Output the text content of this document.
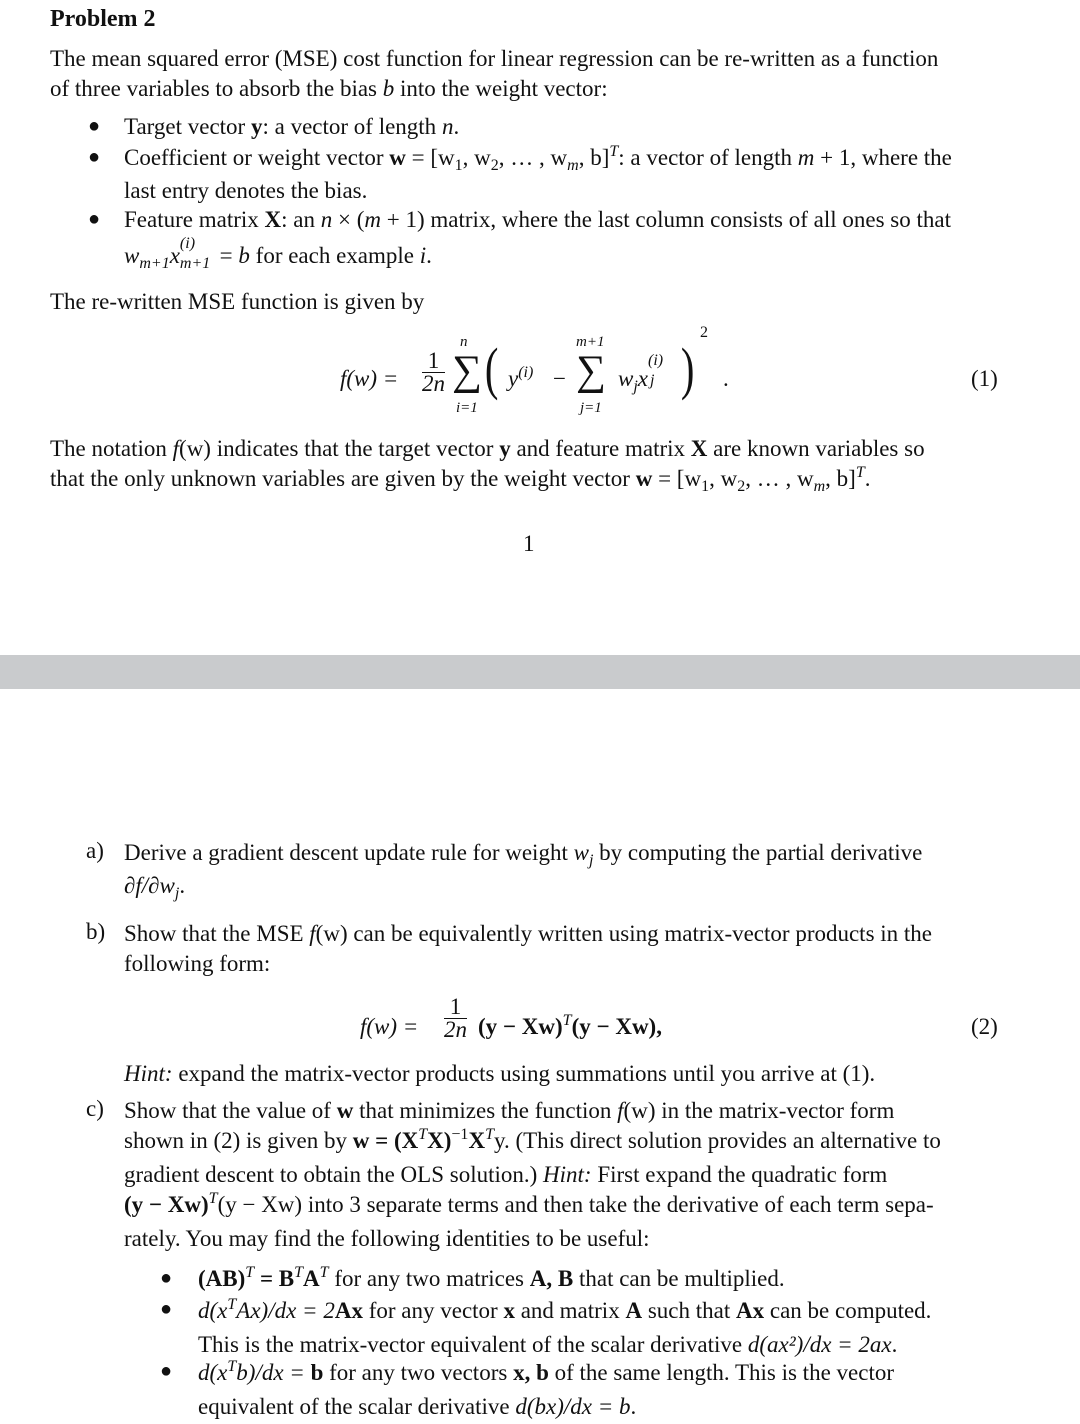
Problem 2
The mean squared error (MSE) cost function for linear regression can be re-written as a function
of three variables to absorb the bias b into the weight vector:
● Target vector y: a vector of length n.
● Coefficient or weight vector $w = [w_1$, $w_2$, … , $w_m$, b]$^T$: a vector of length m + 1, where the
last entry denotes the bias.
● Feature matrix X: an n × (m + 1) matrix, where the last column consists of all ones so that
$w_{m+1}x$ (i)
m+1 = b for each example i.
The re-written MSE function is given by
$f(w) = \frac{1}{2n}$
n
∑
i=1
( $y^{(i)}$ −
m+1
∑
j=1
$w_jx$
(i)
j )
2
.	(1)
The notation f(w) indicates that the target vector y and feature matrix X are known variables so
that the only unknown variables are given by the weight vector $w = [w_1$, $w_2$, … , $w_m$, b]$^T$.
1
a) Derive a gradient descent update rule for weight $w_j$ by computing the partial derivative
$\partial f/\partial w_j$.
b) Show that the MSE f(w) can be equivalently written using matrix-vector products in the
following form:
$f(w) = \frac{1}{2n} (y - Xw)^T(y - Xw)$,	(2)
Hint: expand the matrix-vector products using summations until you arrive at (1).
c) Show that the value of w that minimizes the function f(w) in the matrix-vector form
shown in (2) is given by $w = (X^TX)^{-1}X^Ty$. (This direct solution provides an alternative to
gradient descent to obtain the OLS solution.) Hint: First expand the quadratic form
$(y - Xw)^T(y - Xw)$ into 3 separate terms and then take the derivative of each term sepa-
rately. You may find the following identities to be useful:
● $(AB)^T = B^TA^T$ for any two matrices A, B that can be multiplied.
● $d(x^TAx)/dx = 2Ax$ for any vector x and matrix A such that Ax can be computed.
This is the matrix-vector equivalent of the scalar derivative d(ax²)/dx = 2ax.
● $d(x^Tb)/dx = b$ for any two vectors x, b of the same length. This is the vector
equivalent of the scalar derivative d(bx)/dx = b.
